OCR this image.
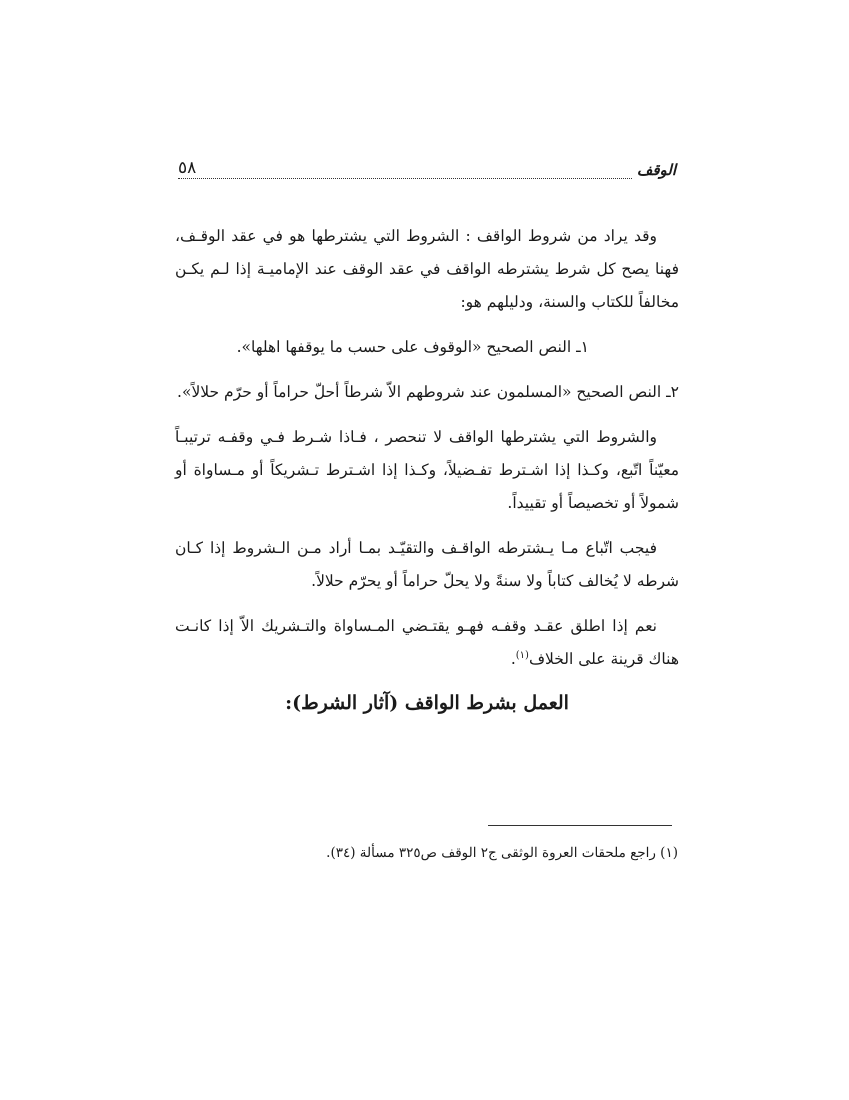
٥٨	الوقف

وقد يراد من شروط الواقف : الشروط التي يشترطها هو في عقد الوقـف، فهنا يصح كل شرط يشترطه الواقف في عقد الوقف عند الإماميـة إذا لـم يكـن مخالفاً للكتاب والسنة، ودليلهم هو:

١ـ النص الصحيح «الوقوف على حسب ما يوقفها اهلها».

٢ـ النص الصحيح «المسلمون عند شروطهم الاّ شرطاً أحلّ حراماً أو حرّم حلالاً».

والشروط التي يشترطها الواقف لا تنحصر ، فـاذا شـرط فـي وقفـه ترتيبـاً معيّناً اتّبع، وكـذا إذا اشـترط تفـضيلاً، وكـذا إذا اشـترط تـشريكاً أو مـساواة أو شمولاً أو تخصيصاً أو تقييداً.

فيجب اتّباع مـا يـشترطه الواقـف والتقيّـد بمـا أراد مـن الـشروط إذا كـان شرطه لا يُخالف كتاباً ولا سنةً ولا يحلّ حراماً أو يحرّم حلالاً.

نعم إذا اطلق عقـد وقفـه فهـو يقتـضي المـساواة والتـشريك الاّ إذا كانـت هناك قرينة على الخلاف$^{(١)}$.

العمل بشرط الواقف (آثار الشرط):
(١) راجع ملحقات العروة الوثقى ج٢ الوقف ص٣٢٥ مسألة (٣٤).
